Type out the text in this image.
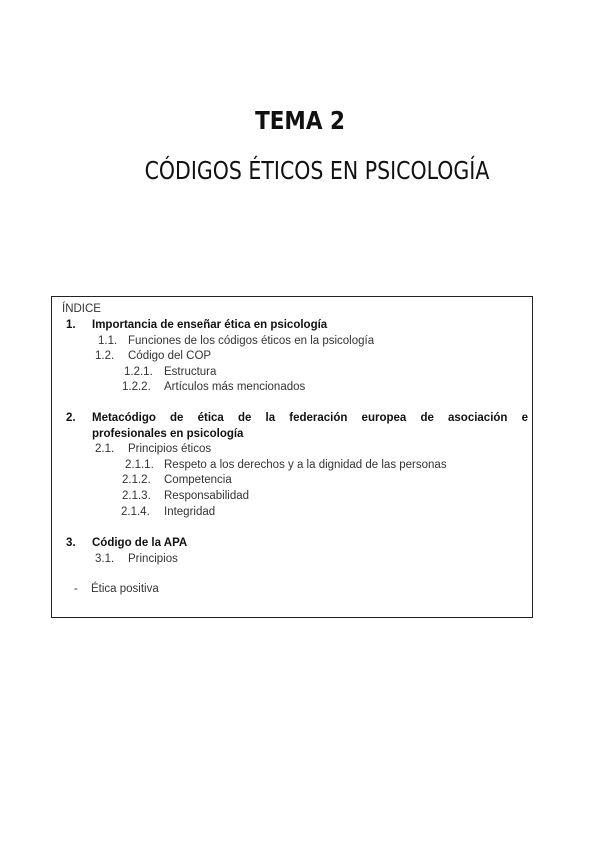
TEMA 2
CÓDIGOS ÉTICOS EN PSICOLOGÍA
ÍNDICE
1. Importancia de enseñar ética en psicología
1.1. Funciones de los códigos éticos en la psicología
1.2. Código del COP
1.2.1. Estructura
1.2.2. Artículos más mencionados
2. Metacódigo de ética de la federación europea de asociación e
profesionales en psicología
2.1. Principios éticos
2.1.1. Respeto a los derechos y a la dignidad de las personas
2.1.2. Competencia
2.1.3. Responsabilidad
2.1.4. Integridad
3. Código de la APA
3.1. Principios
- Ética positiva
